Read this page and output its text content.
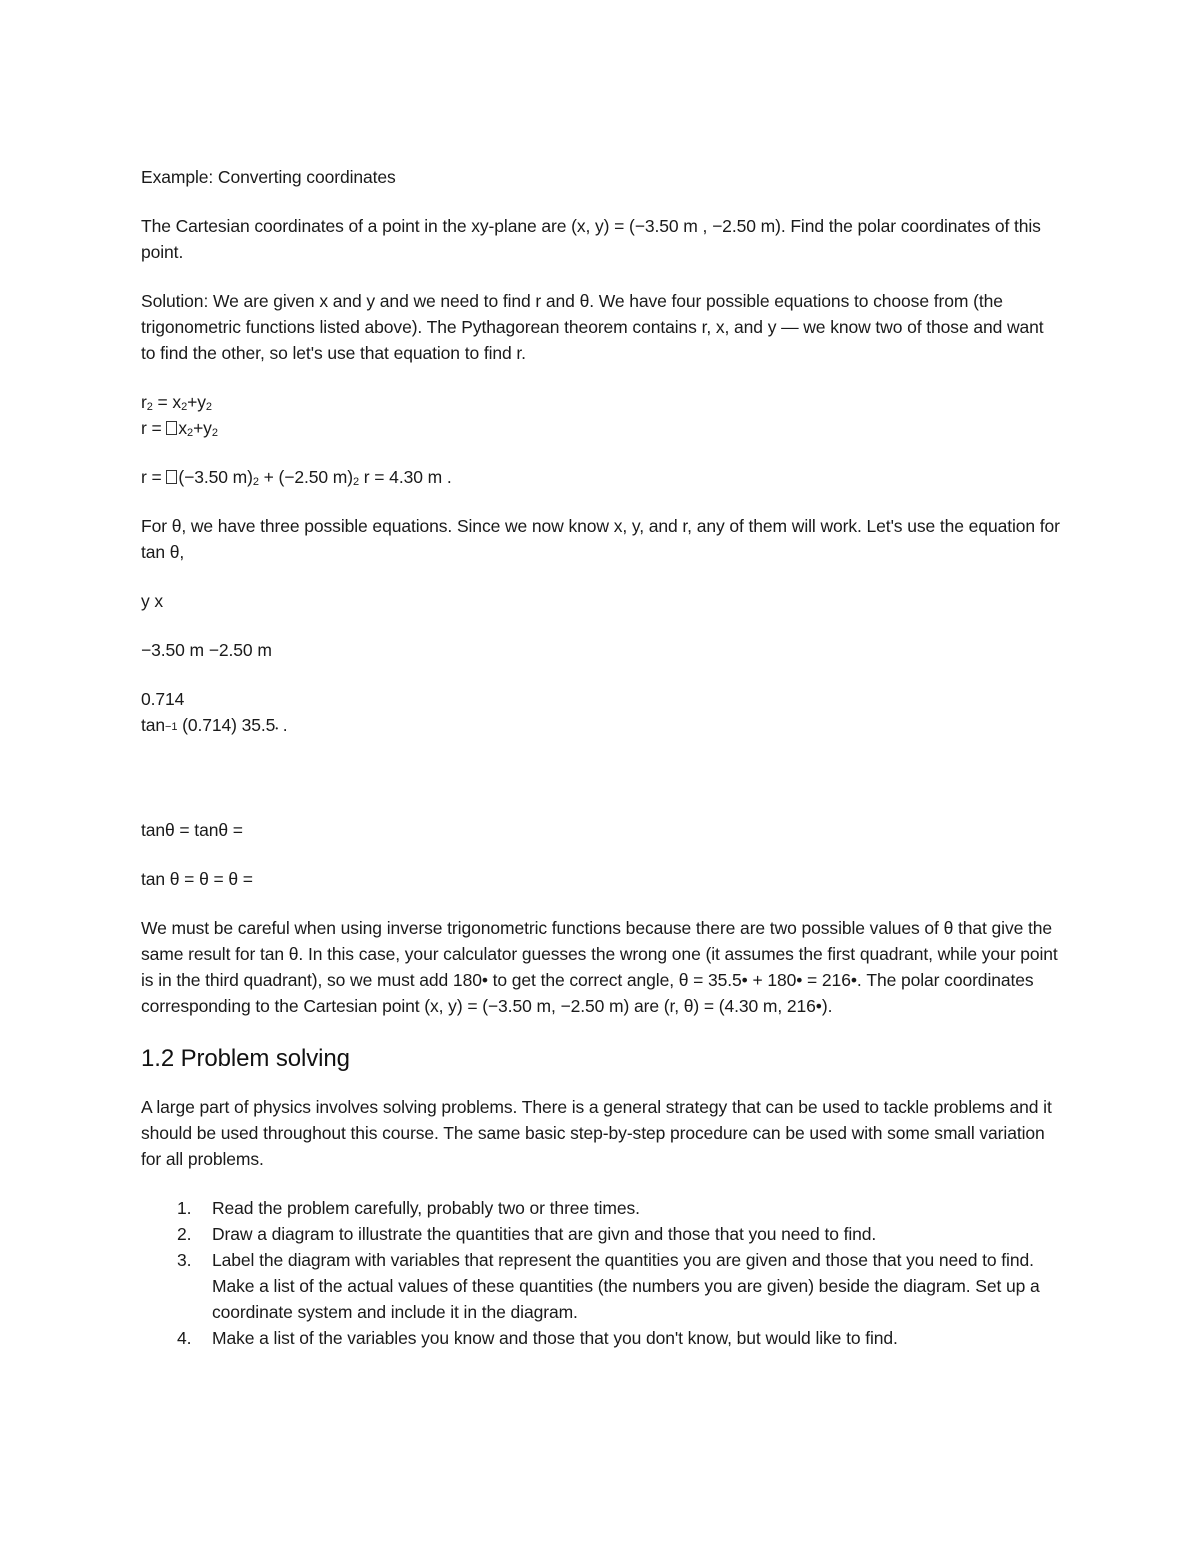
Example: Converting coordinates

The Cartesian coordinates of a point in the xy-plane are (x, y) = (−3.50 m , −2.50 m). Find the polar coordinates of this point.

Solution: We are given x and y and we need to find r and θ. We have four possible equations to choose from (the trigonometric functions listed above). The Pythagorean theorem contains r, x, and y — we know two of those and want to find the other, so let's use that equation to find r.

$r_2 = x_2+y_2$

$r = x_2+y_2$

r = (−3.50 $m)_2 + (-2.50$ $m)_2$ r = 4.30 m .

For θ, we have three possible equations. Since we now know x, y, and r, any of them will work. Let's use the equation for tan θ,

y x

−3.50 m −2.50 m

0.714

$\tan_{-1} (0.714)$ 35.5• .

tanθ = tanθ =

tan θ = θ = θ =

We must be careful when using inverse trigonometric functions because there are two possible values of θ that give the same result for tan θ. In this case, your calculator guesses the wrong one (it assumes the first quadrant, while your point is in the third quadrant), so we must add 180• to get the correct angle, θ = 35.5• + 180• = 216•. The polar coordinates corresponding to the Cartesian point (x, y) = (−3.50 m, −2.50 m) are (r, θ) = (4.30 m, 216•).

1.2 Problem solving

A large part of physics involves solving problems. There is a general strategy that can be used to tackle problems and it should be used throughout this course. The same basic step-by-step procedure can be used with some small variation for all problems.

1. Read the problem carefully, probably two or three times.
2. Draw a diagram to illustrate the quantities that are givn and those that you need to find.
3. Label the diagram with variables that represent the quantities you are given and those that you need to find. Make a list of the actual values of these quantities (the numbers you are given) beside the diagram. Set up a coordinate system and include it in the diagram.
4. Make a list of the variables you know and those that you don't know, but would like to find.
